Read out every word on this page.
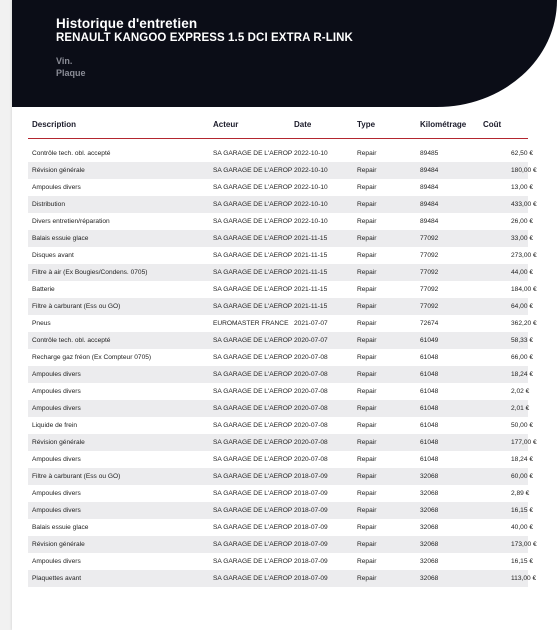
Historique d'entretien
RENAULT KANGOO EXPRESS 1.5 DCI EXTRA R-LINK
Vin.
Plaque
Description	Acteur	Date	Type	Kilométrage Coût
Contrôle tech. obl. accepté	SA GARAGE DE L'AEROP 2022-10-10	Repair	89485	62,50 €
Révision générale	SA GARAGE DE L'AEROP 2022-10-10	Repair	89484	180,00 €
Ampoules divers	SA GARAGE DE L'AEROP 2022-10-10	Repair	89484	13,00 €
Distribution	SA GARAGE DE L'AEROP 2022-10-10	Repair	89484	433,00 €
Divers entretien/réparation	SA GARAGE DE L'AEROP 2022-10-10	Repair	89484	26,00 €
Balais essuie glace	SA GARAGE DE L'AEROP 2021-11-15	Repair	77092	33,00 €
Disques avant	SA GARAGE DE L'AEROP 2021-11-15	Repair	77092	273,00 €
Filtre à air (Ex Bougies/Condens. 0705)	SA GARAGE DE L'AEROP 2021-11-15	Repair	77092	44,00 €
Batterie	SA GARAGE DE L'AEROP 2021-11-15	Repair	77092	184,00 €
Filtre à carburant (Ess ou GO)	SA GARAGE DE L'AEROP 2021-11-15	Repair	77092	64,00 €
Pneus	EUROMASTER FRANCE 2021-07-07	Repair	72674	362,20 €
Contrôle tech. obl. accepté	SA GARAGE DE L'AEROP 2020-07-07	Repair	61049	58,33 €
Recharge gaz fréon (Ex Compteur 0705)	SA GARAGE DE L'AEROP 2020-07-08	Repair	61048	66,00 €
Ampoules divers	SA GARAGE DE L'AEROP 2020-07-08	Repair	61048	18,24 €
Ampoules divers	SA GARAGE DE L'AEROP 2020-07-08	Repair	61048	2,02 €
Ampoules divers	SA GARAGE DE L'AEROP 2020-07-08	Repair	61048	2,01 €
Liquide de frein	SA GARAGE DE L'AEROP 2020-07-08	Repair	61048	50,00 €
Révision générale	SA GARAGE DE L'AEROP 2020-07-08	Repair	61048	177,00 €
Ampoules divers	SA GARAGE DE L'AEROP 2020-07-08	Repair	61048	18,24 €
Filtre à carburant (Ess ou GO)	SA GARAGE DE L'AEROP 2018-07-09	Repair	32068	60,00 €
Ampoules divers	SA GARAGE DE L'AEROP 2018-07-09	Repair	32068	2,89 €
Ampoules divers	SA GARAGE DE L'AEROP 2018-07-09	Repair	32068	16,15 €
Balais essuie glace	SA GARAGE DE L'AEROP 2018-07-09	Repair	32068	40,00 €
Révision générale	SA GARAGE DE L'AEROP 2018-07-09	Repair	32068	173,00 €
Ampoules divers	SA GARAGE DE L'AEROP 2018-07-09	Repair	32068	16,15 €
Plaquettes avant	SA GARAGE DE L'AEROP 2018-07-09	Repair	32068	113,00 €
